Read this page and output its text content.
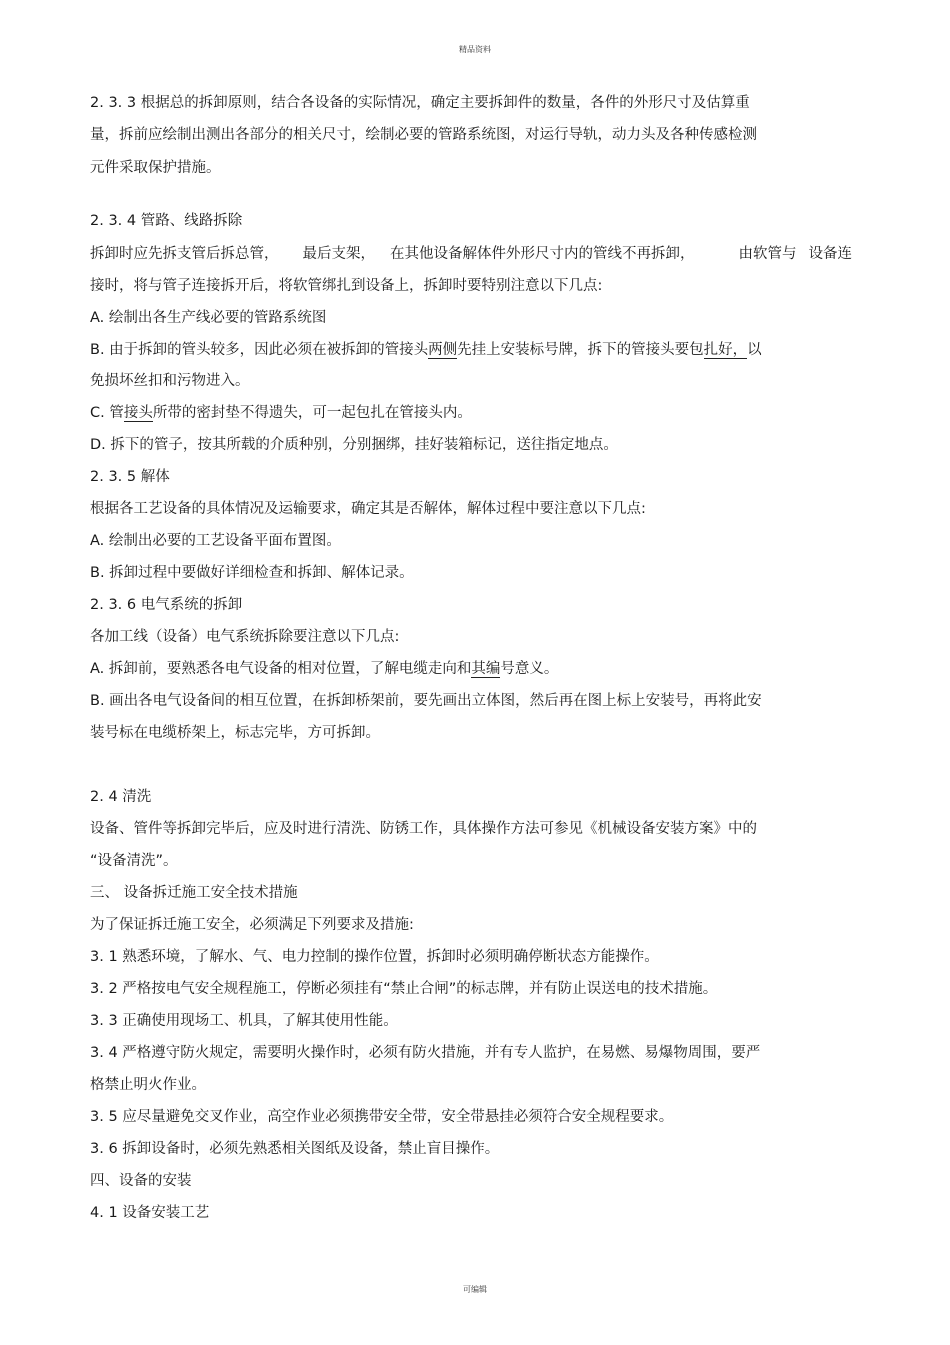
精品资料
2. 3. 3 根据总的拆卸原则，结合各设备的实际情况，确定主要拆卸件的数量，各件的外形尺寸及估算重
量，拆前应绘制出测出各部分的相关尺寸，绘制必要的管路系统图，对运行导轨，动力头及各种传感检测
元件采取保护措施。
2. 3. 4 管路、线路拆除
拆卸时应先拆支管后拆总管， 最后支架， 在其他设备解体件外形尺寸内的管线不再拆卸，	由软管与 设备连
接时，将与管子连接拆开后，将软管绑扎到设备上，拆卸时要特别注意以下几点:
A. 绘制出各生产线必要的管路系统图
B. 由于拆卸的管头较多，因此必须在被拆卸的管接头两侧先挂上安装标号牌，拆下的管接头要包扎好，以
免损坏丝扣和污物进入。
C. 管接头所带的密封垫不得遗失，可一起包扎在管接头内。
D. 拆下的管子，按其所载的介质种别，分别捆绑，挂好装箱标记，送往指定地点。
2. 3. 5 解体
根据各工艺设备的具体情况及运输要求，确定其是否解体，解体过程中要注意以下几点:
A. 绘制出必要的工艺设备平面布置图。
B. 拆卸过程中要做好详细检查和拆卸、解体记录。
2. 3. 6 电气系统的拆卸
各加工线（设备）电气系统拆除要注意以下几点:
A. 拆卸前，要熟悉各电气设备的相对位置，了解电缆走向和其编号意义。
B. 画出各电气设备间的相互位置，在拆卸桥架前，要先画出立体图，然后再在图上标上安装号，再将此安
装号标在电缆桥架上，标志完毕，方可拆卸。
2. 4 清洗
设备、管件等拆卸完毕后，应及时进行清洗、防锈工作，具体操作方法可参见《机械设备安装方案》中的
“设备清洗”。
三、 设备拆迁施工安全技术措施
为了保证拆迁施工安全，必须满足下列要求及措施:
3. 1 熟悉环境，了解水、气、电力控制的操作位置，拆卸时必须明确停断状态方能操作。
3. 2 严格按电气安全规程施工，停断必须挂有“禁止合闸”的标志牌，并有防止误送电的技术措施。
3. 3 正确使用现场工、机具，了解其使用性能。
3. 4 严格遵守防火规定，需要明火操作时，必须有防火措施，并有专人监护，在易燃、易爆物周围，要严
格禁止明火作业。
3. 5 应尽量避免交叉作业，高空作业必须携带安全带，安全带悬挂必须符合安全规程要求。
3. 6 拆卸设备时，必须先熟悉相关图纸及设备，禁止盲目操作。
四、设备的安装
4. 1 设备安装工艺
可编辑
